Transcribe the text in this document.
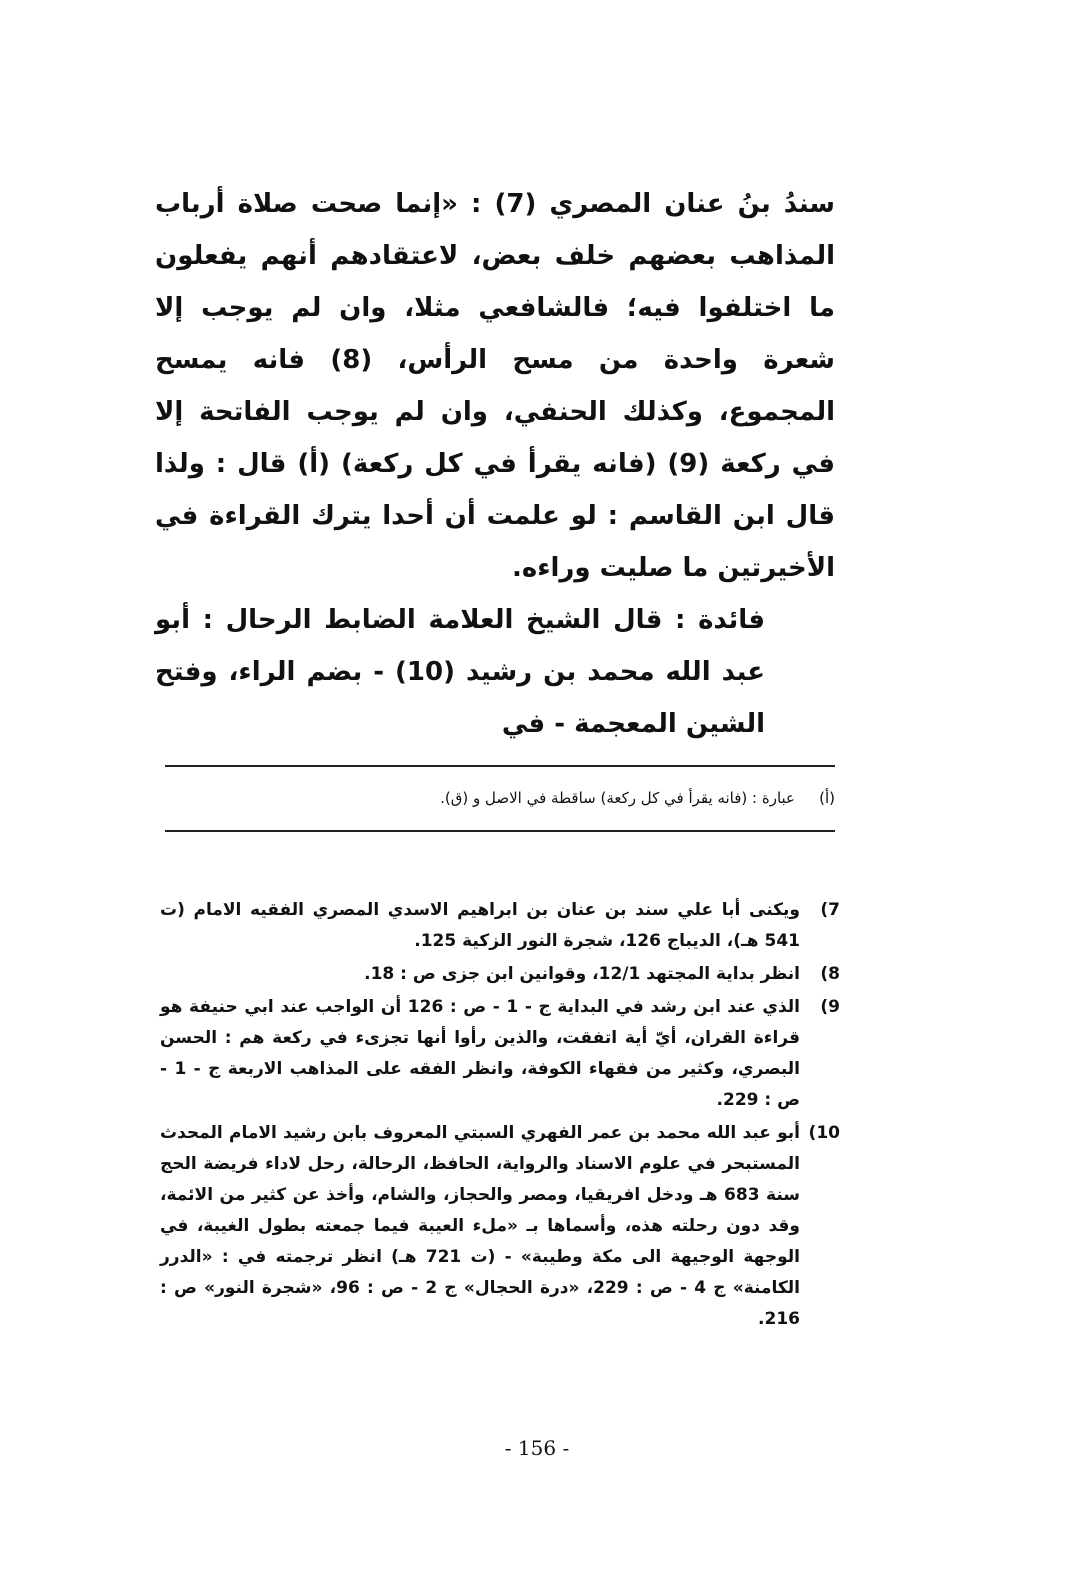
سندُ بنُ عنان المصري (7) : «إنما صحت صلاة أرباب المذاهب بعضهم خلف بعض، لاعتقادهم أنهم يفعلون ما اختلفوا فيه؛ فالشافعي مثلا، وان لم يوجب إلا شعرة واحدة من مسح الرأس، (8) فانه يمسح المجموع، وكذلك الحنفي، وان لم يوجب الفاتحة إلا في ركعة (9) (فانه يقرأ في كل ركعة) (أ) قال : ولذا قال ابن القاسم : لو علمت أن أحدا يترك القراءة في الأخيرتين ما صليت وراءه.

فائدة : قال الشيخ العلامة الضابط الرحال : أبو عبد الله محمد بن رشيد (10) - بضم الراء، وفتح الشين المعجمة - في

(أ)عبارة : (فانه يقرأ في كل ركعة) ساقطة في الاصل و (ق).
7)
ويكنى أبا علي سند بن عنان بن ابراهيم الاسدي المصري الفقيه الامام (ت 541 هـ)، الديباج 126، شجرة النور الزكية 125.
8)
انظر بداية المجتهد 12/1، وقوانين ابن جزى ص : 18.
9)
الذي عند ابن رشد في البداية ج - 1 - ص : 126 أن الواجب عند ابي حنيفة هو قراءة القران، أيّ أية اتفقت، والذين رأوا أنها تجزىء في ركعة هم : الحسن البصري، وكثير من فقهاء الكوفة، وانظر الفقه على المذاهب الاربعة ج - 1 - ص : 229.
10)
أبو عبد الله محمد بن عمر الفهري السبتي المعروف بابن رشيد الامام المحدث المستبحر في علوم الاسناد والرواية، الحافظ، الرحالة، رحل لاداء فريضة الحج سنة 683 هـ ودخل افريقيا، ومصر والحجاز، والشام، وأخذ عن كثير من الائمة، وقد دون رحلته هذه، وأسماها بـ «ملء العيبة فيما جمعته بطول الغيبة، في الوجهة الوجيهة الى مكة وطيبة» - (ت 721 هـ) انظر ترجمته في : «الدرر الكامنة» ج 4 - ص : 229، «درة الحجال» ج 2 - ص : 96، «شجرة النور» ص : 216.
- 156 -
